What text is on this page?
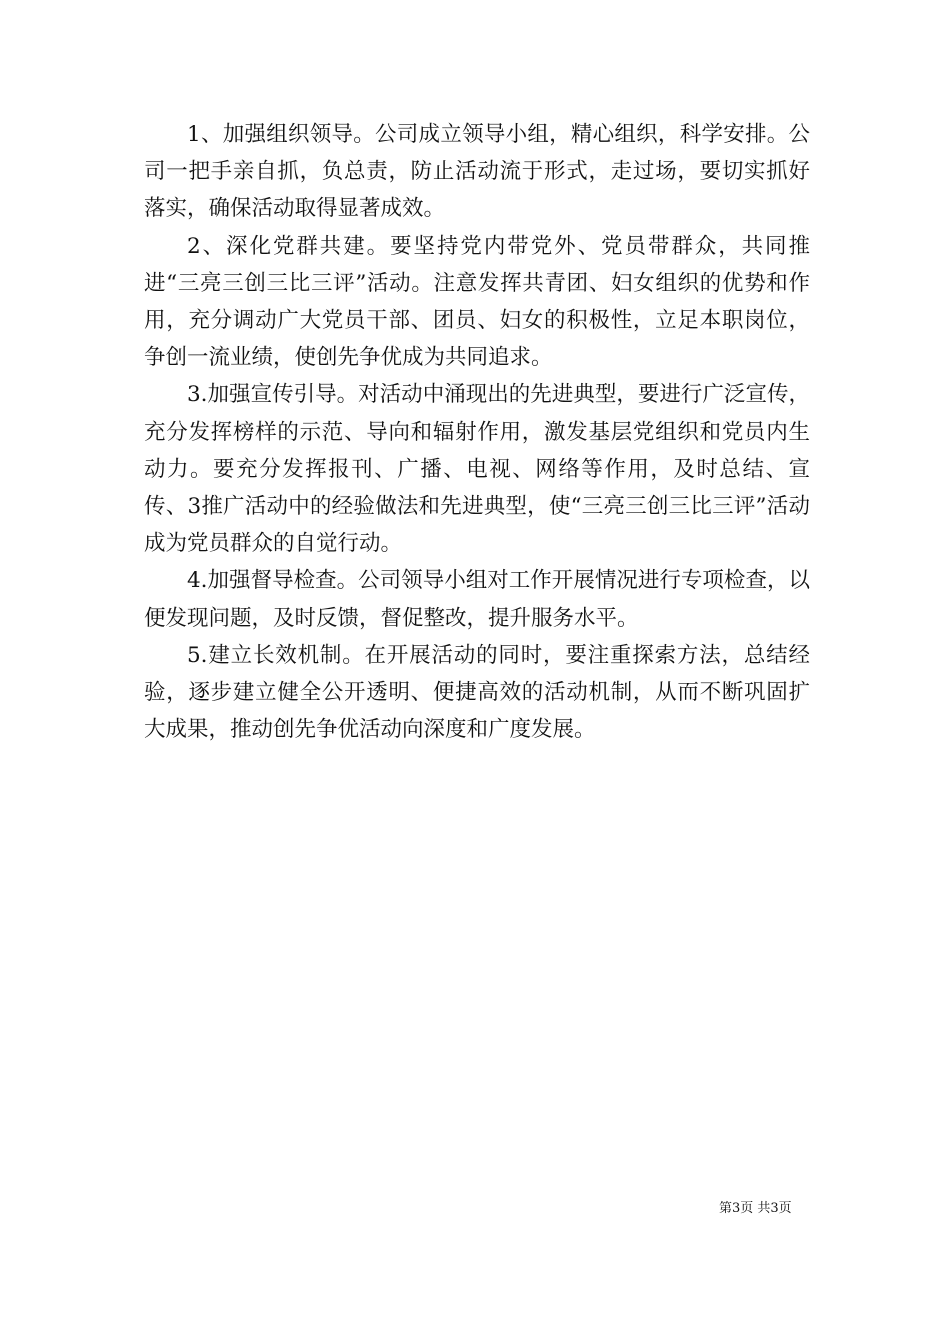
1、加强组织领导。公司成立领导小组，精心组织，科学安排。公司一把手亲自抓，负总责，防止活动流于形式，走过场，要切实抓好落实，确保活动取得显著成效。

2、深化党群共建。要坚持党内带党外、党员带群众，共同推进“三亮三创三比三评”活动。注意发挥共青团、妇女组织的优势和作用，充分调动广大党员干部、团员、妇女的积极性，立足本职岗位，争创一流业绩，使创先争优成为共同追求。

3.加强宣传引导。对活动中涌现出的先进典型，要进行广泛宣传，充分发挥榜样的示范、导向和辐射作用，激发基层党组织和党员内生动力。要充分发挥报刊、广播、电视、网络等作用，及时总结、宣传、3推广活动中的经验做法和先进典型，使“三亮三创三比三评”活动成为党员群众的自觉行动。

4.加强督导检查。公司领导小组对工作开展情况进行专项检查，以便发现问题，及时反馈，督促整改，提升服务水平。

5.建立长效机制。在开展活动的同时，要注重探索方法，总结经验，逐步建立健全公开透明、便捷高效的活动机制，从而不断巩固扩大成果，推动创先争优活动向深度和广度发展。

第3页 共3页
